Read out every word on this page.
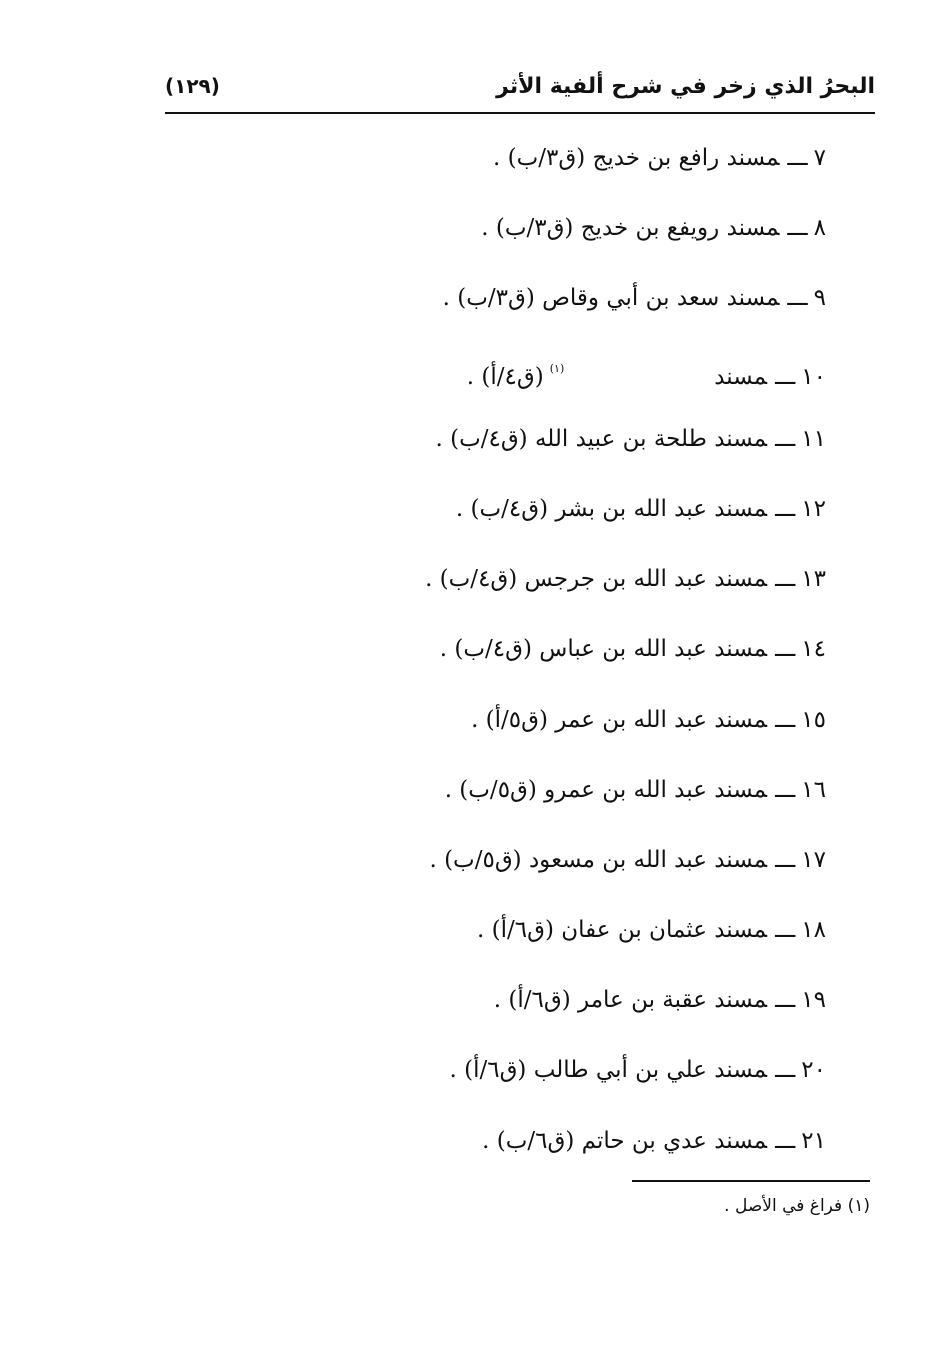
البحرُ الذي زخر في شرح ألفية الأثر
(١٢٩)
٧ـــمسند رافع بن خديج (ق٣/ب) .
٨ـــمسند رويفع بن خديج (ق٣/ب) .
٩ـــمسند سعد بن أبي وقاص (ق٣/ب) .
١٠ـــمسند$^{(١)}$(ق٤/أ) .
١١ـــمسند طلحة بن عبيد الله (ق٤/ب) .
١٢ـــمسند عبد الله بن بشر (ق٤/ب) .
١٣ـــمسند عبد الله بن جرجس (ق٤/ب) .
١٤ـــمسند عبد الله بن عباس (ق٤/ب) .
١٥ـــمسند عبد الله بن عمر (ق٥/أ) .
١٦ـــمسند عبد الله بن عمرو (ق٥/ب) .
١٧ـــمسند عبد الله بن مسعود (ق٥/ب) .
١٨ـــمسند عثمان بن عفان (ق٦/أ) .
١٩ـــمسند عقبة بن عامر (ق٦/أ) .
٢٠ـــمسند علي بن أبي طالب (ق٦/أ) .
٢١ـــمسند عدي بن حاتم (ق٦/ب) .
(١) فراغ في الأصل .
